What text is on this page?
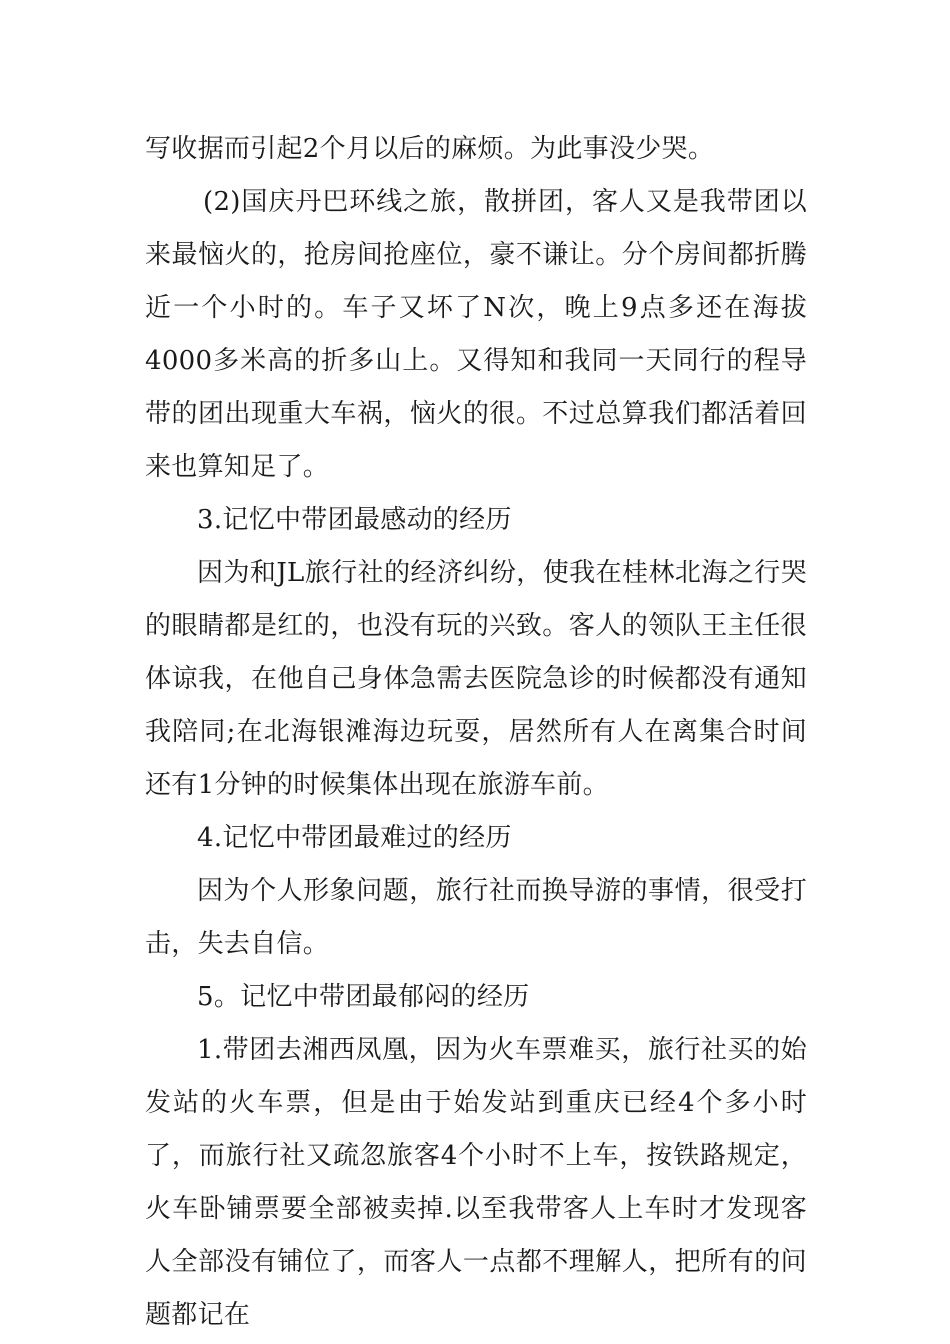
写收据而引起2个月以后的麻烦。为此事没少哭。

(2)国庆丹巴环线之旅，散拼团，客人又是我带团以来最恼火的，抢房间抢座位，豪不谦让。分个房间都折腾近一个小时的。车子又坏了N次，晚上9点多还在海拔4000多米高的折多山上。又得知和我同一天同行的程导带的团出现重大车祸，恼火的很。不过总算我们都活着回来也算知足了。

3.记忆中带团最感动的经历

因为和JL旅行社的经济纠纷，使我在桂林北海之行哭的眼睛都是红的，也没有玩的兴致。客人的领队王主任很体谅我，在他自己身体急需去医院急诊的时候都没有通知我陪同;在北海银滩海边玩耍，居然所有人在离集合时间还有1分钟的时候集体出现在旅游车前。

4.记忆中带团最难过的经历

因为个人形象问题，旅行社而换导游的事情，很受打击，失去自信。

5。记忆中带团最郁闷的经历

1.带团去湘西凤凰，因为火车票难买，旅行社买的始发站的火车票，但是由于始发站到重庆已经4个多小时了，而旅行社又疏忽旅客4个小时不上车，按铁路规定，火车卧铺票要全部被卖掉.以至我带客人上车时才发现客人全部没有铺位了，而客人一点都不理解人，把所有的问题都记在
